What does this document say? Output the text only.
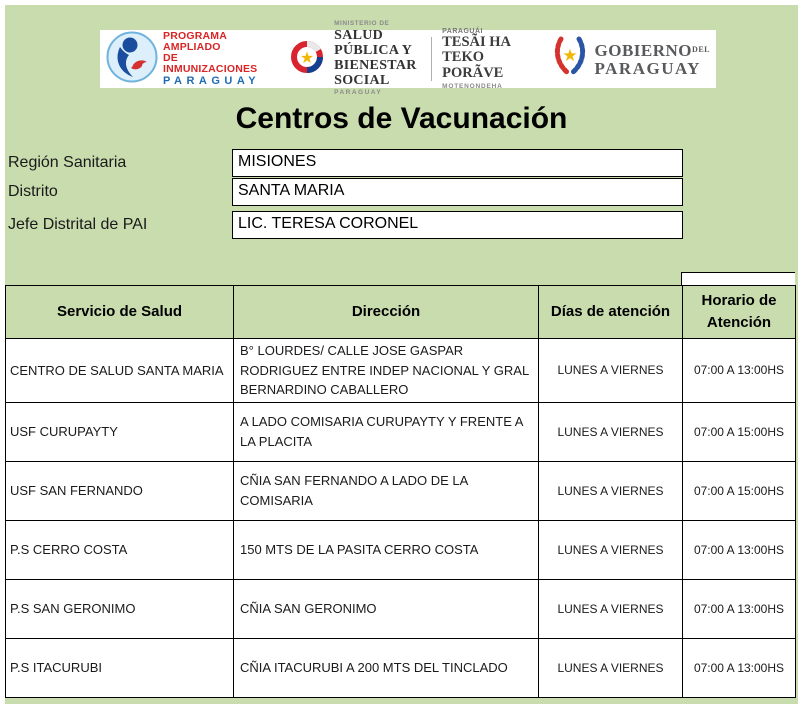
PROGRAMA AMPLIADO
DE INMUNIZACIONES
PARAGUAY
★
MINISTERIO DE
SALUD PÚBLICA Y
BIENESTAR SOCIAL
PARAGUAY
PARAGUÁI
TESÃI HA TEKO
PORÃVE
MOTENONDEHA
★ $GOBIERNO^{DEL}$
PARAGUAY
Centros de Vacunación
Región Sanitaria	MISIONES
Distrito	SANTA MARIA
Jefe Distrital de PAI	LIC. TERESA CORONEL
Servicio de Salud	Dirección	Días de atención	Horario de Atención
CENTRO DE SALUD SANTA MARIA	B° LOURDES/ CALLE JOSE GASPAR RODRIGUEZ ENTRE INDEP NACIONAL Y GRAL BERNARDINO CABALLERO	LUNES A VIERNES	07:00 A 13:00HS
USF CURUPAYTY	A LADO COMISARIA CURUPAYTY Y FRENTE A LA PLACITA	LUNES A VIERNES	07:00 A 15:00HS
USF SAN FERNANDO	CÑIA SAN FERNANDO A LADO DE LA COMISARIA	LUNES A VIERNES	07:00 A 15:00HS
P.S CERRO COSTA	150 MTS DE LA PASITA CERRO COSTA	LUNES A VIERNES	07:00 A 13:00HS
P.S SAN GERONIMO	CÑIA SAN GERONIMO	LUNES A VIERNES	07:00 A 13:00HS
P.S ITACURUBI	CÑIA ITACURUBI A 200 MTS DEL TINCLADO	LUNES A VIERNES	07:00 A 13:00HS
